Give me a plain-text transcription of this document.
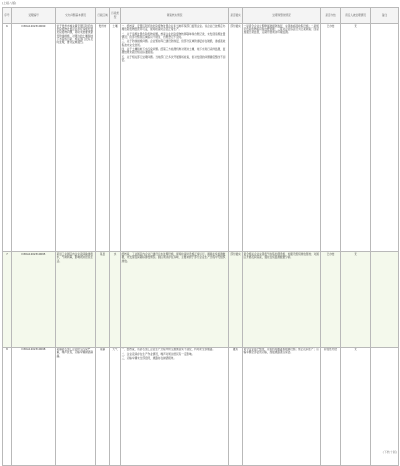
(上接八版)
序号	受理编号	交办问题基本情况	行政区域	污染类型	调查核实情况	是否属实	处理和整改情况	是否办结	责任人被处理情况	备注
6	D3DA1202310090	位于贵州市城关镇安置区附近的危险废物处置企业存在违规处置危险废物问题，同时未按要求建设防渗措施，对周边的土壤和地下水造成污染，相关部门没有及时处理，群众反映强烈。	贵州市	土壤	一、经核查，安置区附近的危险废物处置企业系当地环保部门监管企业。该企业已按规定办理危险废物经营许可证，现场检查时企业正常生产。
二、关于违规处置危险废物问题。核查企业危险废物转移联单和台账记录，未发现违规处置情况；但部分暂存区域标识不规范、台账登记不及时。
三、关于防渗措施问题。企业暂存库已建设防渗层，但部分区域防渗层存在破损，渗滤液收集池未完全封闭。
四、关于土壤和地下水污染问题。经第三方检测机构对周边土壤、地下水进行采样监测，监测结果未超过相关标准限值。
五、关于相关部门处理问题。当地部门已多次开展现场检查，但对发现的问题督促整改不到位。	部分属实	一是责令企业立即修复破损防渗层，完善渗滤液收集设施；二是规范危险废物标识和台账管理；三是对企业违法行为立案调查；四是加强日常监管，定期开展周边环境监测。	已办结	无	
7	D3DA1202310095	某县工业园区内企业夜间偷排废水，气味刺鼻，影响周边居民生活。	某县	水	经核查，工业园区内企业已建设污水处理设施，现场检查时设施正常运行。调阅在线监测数据，未发现夜间超标排放情况。园区周边存在异味，主要来源于部分企业生产过程中无组织排放。	部分属实	责令相关企业完善废气收集处理设施，加强无组织排放管控；对园区开展夜间巡查，强化在线监测数据分析。	已办结	无	
8	D3DA1202310098	某镇砂石加工企业粉尘污染严重，噪声扰民，运输车辆抛洒滴漏。	某镇	大气	一、经核查，该砂石加工企业生产过程中防尘措施落实不到位，料场未全部覆盖。
二、企业夜间存在生产作业情况，噪声对周边居民有一定影响。
三、运输车辆未全部密闭，道路存在抛洒现象。	属实	责令企业停产整改，完善料场覆盖和喷淋设施；禁止夜间生产；运输车辆全部密闭运输，加强道路清扫保洁。	阶段性办结	无	
(下转十版)
